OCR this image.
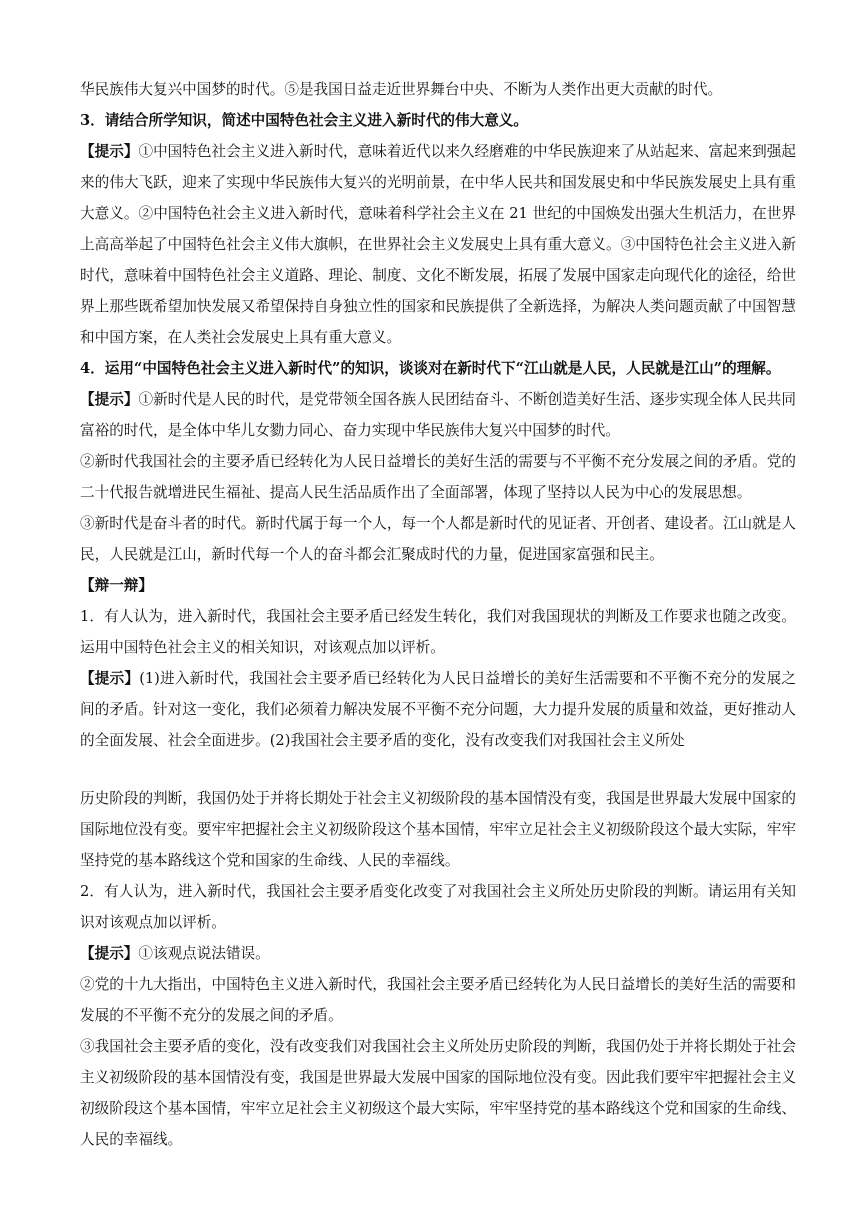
华民族伟大复兴中国梦的时代。⑤是我国日益走近世界舞台中央、不断为人类作出更大贡献的时代。

3．请结合所学知识，简述中国特色社会主义进入新时代的伟大意义。

【提示】①中国特色社会主义进入新时代，意味着近代以来久经磨难的中华民族迎来了从站起来、富起来到强起来的伟大飞跃，迎来了实现中华民族伟大复兴的光明前景，在中华人民共和国发展史和中华民族发展史上具有重大意义。②中国特色社会主义进入新时代，意味着科学社会主义在 21 世纪的中国焕发出强大生机活力，在世界上高高举起了中国特色社会主义伟大旗帜，在世界社会主义发展史上具有重大意义。③中国特色社会主义进入新时代，意味着中国特色社会主义道路、理论、制度、文化不断发展，拓展了发展中国家走向现代化的途径，给世界上那些既希望加快发展又希望保持自身独立性的国家和民族提供了全新选择，为解决人类问题贡献了中国智慧和中国方案，在人类社会发展史上具有重大意义。

4．运用“中国特色社会主义进入新时代”的知识，谈谈对在新时代下“江山就是人民，人民就是江山”的理解。

【提示】①新时代是人民的时代，是党带领全国各族人民团结奋斗、不断创造美好生活、逐步实现全体人民共同富裕的时代，是全体中华儿女勠力同心、奋力实现中华民族伟大复兴中国梦的时代。

②新时代我国社会的主要矛盾已经转化为人民日益增长的美好生活的需要与不平衡不充分发展之间的矛盾。党的二十代报告就增进民生福祉、提高人民生活品质作出了全面部署，体现了坚持以人民为中心的发展思想。

③新时代是奋斗者的时代。新时代属于每一个人，每一个人都是新时代的见证者、开创者、建设者。江山就是人民，人民就是江山，新时代每一个人的奋斗都会汇聚成时代的力量，促进国家富强和民主。

【辩一辩】

1．有人认为，进入新时代，我国社会主要矛盾已经发生转化，我们对我国现状的判断及工作要求也随之改变。运用中国特色社会主义的相关知识，对该观点加以评析。

【提示】(1)进入新时代，我国社会主要矛盾已经转化为人民日益增长的美好生活需要和不平衡不充分的发展之间的矛盾。针对这一变化，我们必须着力解决发展不平衡不充分问题，大力提升发展的质量和效益，更好推动人的全面发展、社会全面进步。(2)我国社会主要矛盾的变化，没有改变我们对我国社会主义所处

历史阶段的判断，我国仍处于并将长期处于社会主义初级阶段的基本国情没有变，我国是世界最大发展中国家的国际地位没有变。要牢牢把握社会主义初级阶段这个基本国情，牢牢立足社会主义初级阶段这个最大实际，牢牢坚持党的基本路线这个党和国家的生命线、人民的幸福线。

2．有人认为，进入新时代，我国社会主要矛盾变化改变了对我国社会主义所处历史阶段的判断。请运用有关知识对该观点加以评析。

【提示】①该观点说法错误。

②党的十九大指出，中国特色主义进入新时代，我国社会主要矛盾已经转化为人民日益增长的美好生活的需要和发展的不平衡不充分的发展之间的矛盾。

③我国社会主要矛盾的变化，没有改变我们对我国社会主义所处历史阶段的判断，我国仍处于并将长期处于社会主义初级阶段的基本国情没有变，我国是世界最大发展中国家的国际地位没有变。因此我们要牢牢把握社会主义初级阶段这个基本国情，牢牢立足社会主义初级这个最大实际，牢牢坚持党的基本路线这个党和国家的生命线、人民的幸福线。
